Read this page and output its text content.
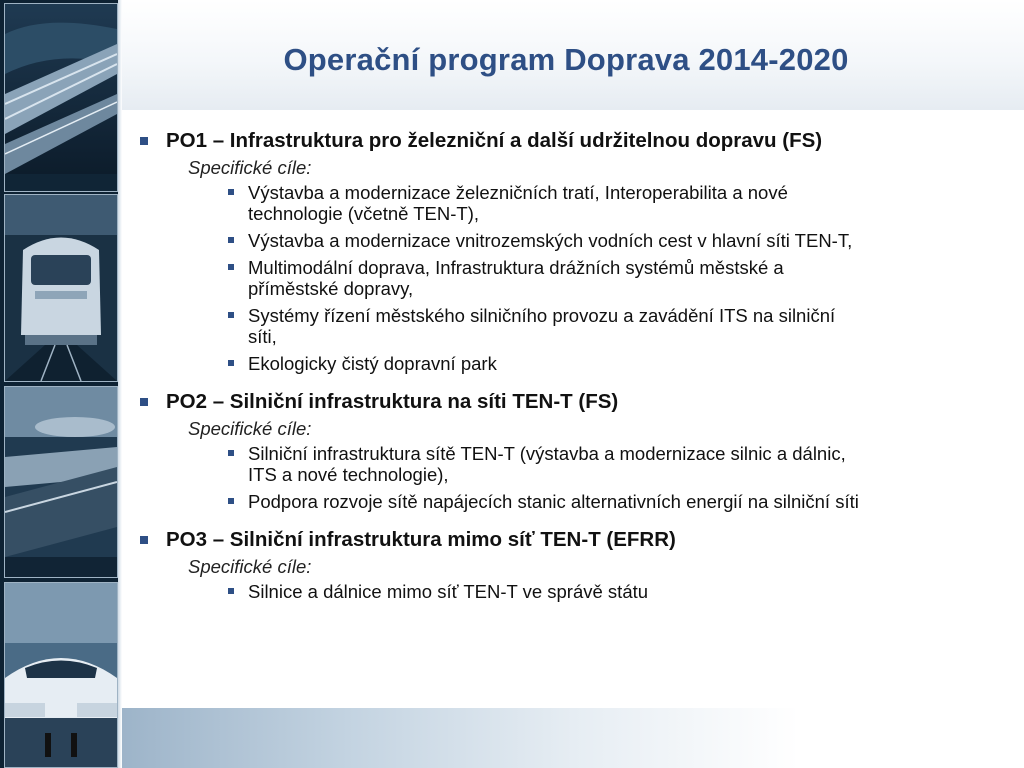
Operační program Doprava 2014-2020
PO1 – Infrastruktura pro železniční a další udržitelnou dopravu (FS)
Specifické cíle:
Výstavba a modernizace železničních tratí, Interoperabilita a nové
technologie (včetně TEN-T),
Výstavba a modernizace vnitrozemských vodních cest v hlavní síti TEN-T,
Multimodální doprava, Infrastruktura drážních systémů městské a
příměstské dopravy,
Systémy řízení městského silničního provozu a zavádění ITS na silniční
síti,
Ekologicky čistý dopravní park
PO2 – Silniční infrastruktura na síti TEN-T (FS)
Specifické cíle:
Silniční infrastruktura sítě TEN-T (výstavba a modernizace silnic a dálnic,
ITS a nové technologie),
Podpora rozvoje sítě napájecích stanic alternativních energií na silniční síti
PO3 – Silniční infrastruktura mimo síť TEN-T (EFRR)
Specifické cíle:
Silnice a dálnice mimo síť TEN-T ve správě státu
